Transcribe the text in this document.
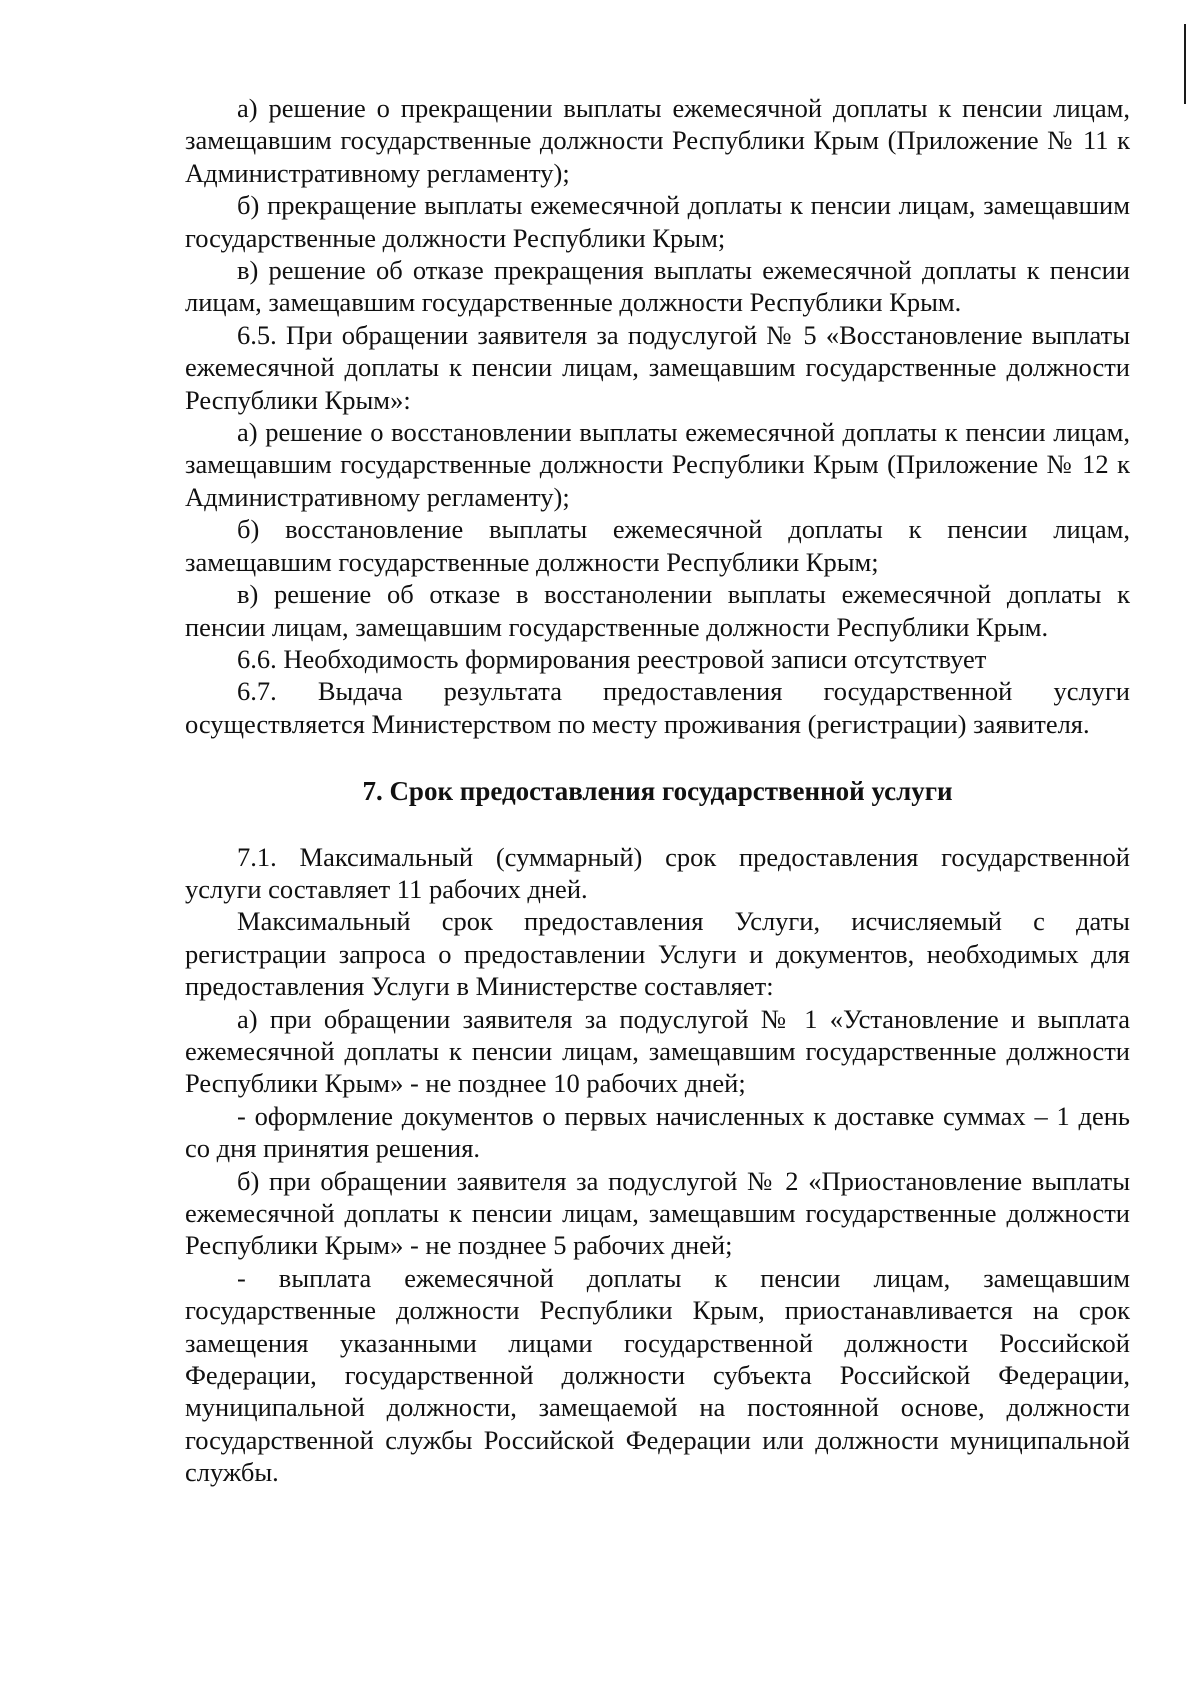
а) решение о прекращении выплаты ежемесячной доплаты к пенсии лицам, замещавшим государственные должности Республики Крым (Приложение № 11 к Административному регламенту);

б) прекращение выплаты ежемесячной доплаты к пенсии лицам, замещавшим государственные должности Республики Крым;

в) решение об отказе прекращения выплаты ежемесячной доплаты к пенсии лицам, замещавшим государственные должности Республики Крым.

6.5. При обращении заявителя за подуслугой № 5 «Восстановление выплаты ежемесячной доплаты к пенсии лицам, замещавшим государственные должности Республики Крым»:

а) решение о восстановлении выплаты ежемесячной доплаты к пенсии лицам, замещавшим государственные должности Республики Крым (Приложение № 12 к Административному регламенту);

б) восстановление выплаты ежемесячной доплаты к пенсии лицам, замещавшим государственные должности Республики Крым;

в) решение об отказе в восстанолении выплаты ежемесячной доплаты к пенсии лицам, замещавшим государственные должности Республики Крым.

6.6. Необходимость формирования реестровой записи отсутствует

6.7. Выдача результата предоставления государственной услуги осуществляется Министерством по месту проживания (регистрации) заявителя.

7. Срок предоставления государственной услуги

7.1. Максимальный (суммарный) срок предоставления государственной услуги составляет 11 рабочих дней.

Максимальный срок предоставления Услуги, исчисляемый с даты регистрации запроса о предоставлении Услуги и документов, необходимых для предоставления Услуги в Министерстве составляет:

а) при обращении заявителя за подуслугой № 1 «Установление и выплата ежемесячной доплаты к пенсии лицам, замещавшим государственные должности Республики Крым» - не позднее 10 рабочих дней;

- оформление документов о первых начисленных к доставке суммах – 1 день со дня принятия решения.

б) при обращении заявителя за подуслугой № 2 «Приостановление выплаты ежемесячной доплаты к пенсии лицам, замещавшим государственные должности Республики Крым» - не позднее 5 рабочих дней;

- выплата ежемесячной доплаты к пенсии лицам, замещавшим государственные должности Республики Крым, приостанавливается на срок замещения указанными лицами государственной должности Российской Федерации, государственной должности субъекта Российской Федерации, муниципальной должности, замещаемой на постоянной основе, должности государственной службы Российской Федерации или должности муниципальной службы.
